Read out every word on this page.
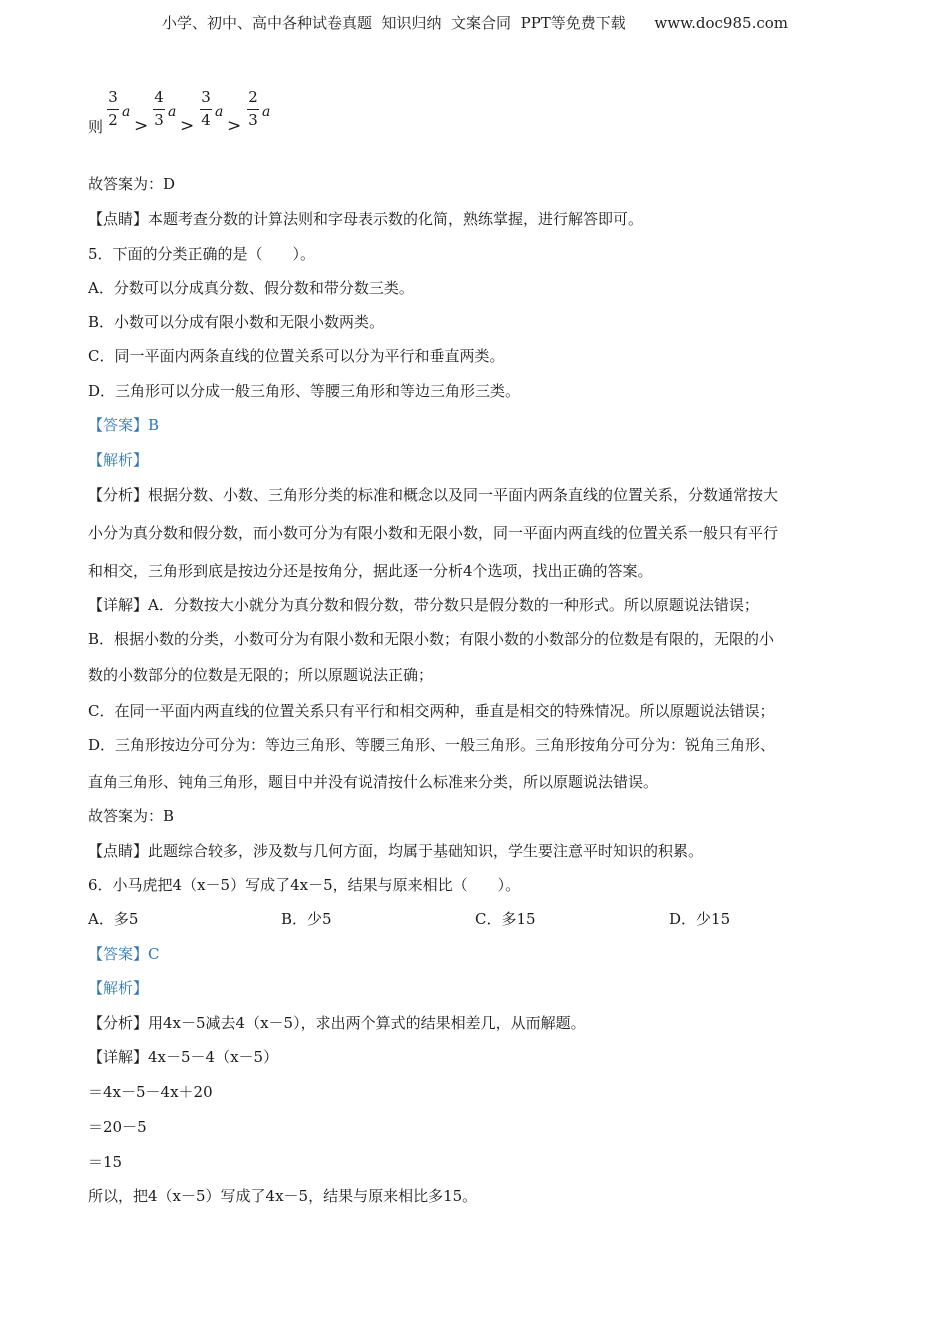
小学、初中、高中各种试卷真题  知识归纳  文案合同  PPT等免费下载      www.doc985.com
则
3
2 a
>
4
3 a
>
3
4 a
>
2
3 a
故答案为：D
【点睛】本题考查分数的计算法则和字母表示数的化简，熟练掌握，进行解答即可。
5．下面的分类正确的是（　　）。
A．分数可以分成真分数、假分数和带分数三类。
B．小数可以分成有限小数和无限小数两类。
C．同一平面内两条直线的位置关系可以分为平行和垂直两类。
D．三角形可以分成一般三角形、等腰三角形和等边三角形三类。
【答案】B
【解析】
【分析】根据分数、小数、三角形分类的标准和概念以及同一平面内两条直线的位置关系，分数通常按大
小分为真分数和假分数，而小数可分为有限小数和无限小数，同一平面内两直线的位置关系一般只有平行
和相交，三角形到底是按边分还是按角分，据此逐一分析4个选项，找出正确的答案。
【详解】A．分数按大小就分为真分数和假分数，带分数只是假分数的一种形式。所以原题说法错误；
B．根据小数的分类，小数可分为有限小数和无限小数；有限小数的小数部分的位数是有限的，无限的小
数的小数部分的位数是无限的；所以原题说法正确；
C．在同一平面内两直线的位置关系只有平行和相交两种，垂直是相交的特殊情况。所以原题说法错误；
D．三角形按边分可分为：等边三角形、等腰三角形、一般三角形。三角形按角分可分为：锐角三角形、
直角三角形、钝角三角形，题目中并没有说清按什么标准来分类，所以原题说法错误。
故答案为：B
【点睛】此题综合较多，涉及数与几何方面，均属于基础知识，学生要注意平时知识的积累。
6．小马虎把4（x－5）写成了4x－5，结果与原来相比（　　）。
A．多5	B．少5	C．多15	D．少15
【答案】C
【解析】
【分析】用4x－5减去4（x－5），求出两个算式的结果相差几，从而解题。
【详解】4x－5－4（x－5）
＝4x－5－4x＋20
＝20－5
＝15
所以，把4（x－5）写成了4x－5，结果与原来相比多15。
